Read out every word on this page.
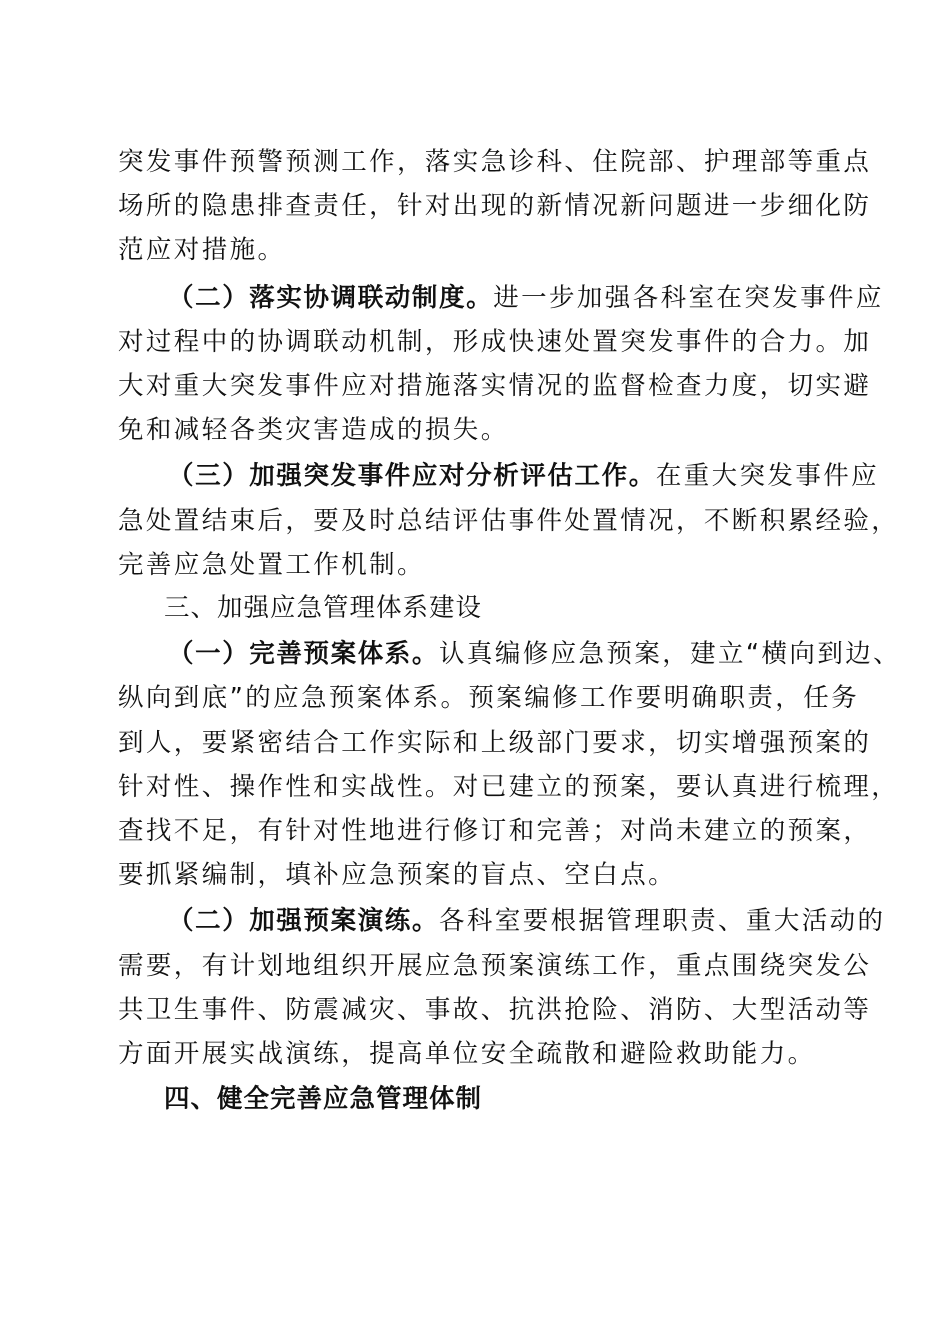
突发事件预警预测工作，落实急诊科、住院部、护理部等重点
场所的隐患排查责任，针对出现的新情况新问题进一步细化防
范应对措施。
（二）落实协调联动制度。进一步加强各科室在突发事件应
对过程中的协调联动机制，形成快速处置突发事件的合力。加
大对重大突发事件应对措施落实情况的监督检查力度，切实避
免和减轻各类灾害造成的损失。
（三）加强突发事件应对分析评估工作。在重大突发事件应
急处置结束后，要及时总结评估事件处置情况，不断积累经验，
完善应急处置工作机制。
三、加强应急管理体系建设
（一）完善预案体系。认真编修应急预案，建立“横向到边、
纵向到底”的应急预案体系。预案编修工作要明确职责，任务
到人，要紧密结合工作实际和上级部门要求，切实增强预案的
针对性、操作性和实战性。对已建立的预案，要认真进行梳理，
查找不足，有针对性地进行修订和完善；对尚未建立的预案，
要抓紧编制，填补应急预案的盲点、空白点。
（二）加强预案演练。各科室要根据管理职责、重大活动的
需要，有计划地组织开展应急预案演练工作，重点围绕突发公
共卫生事件、防震减灾、事故、抗洪抢险、消防、大型活动等
方面开展实战演练，提高单位安全疏散和避险救助能力。
四、健全完善应急管理体制
